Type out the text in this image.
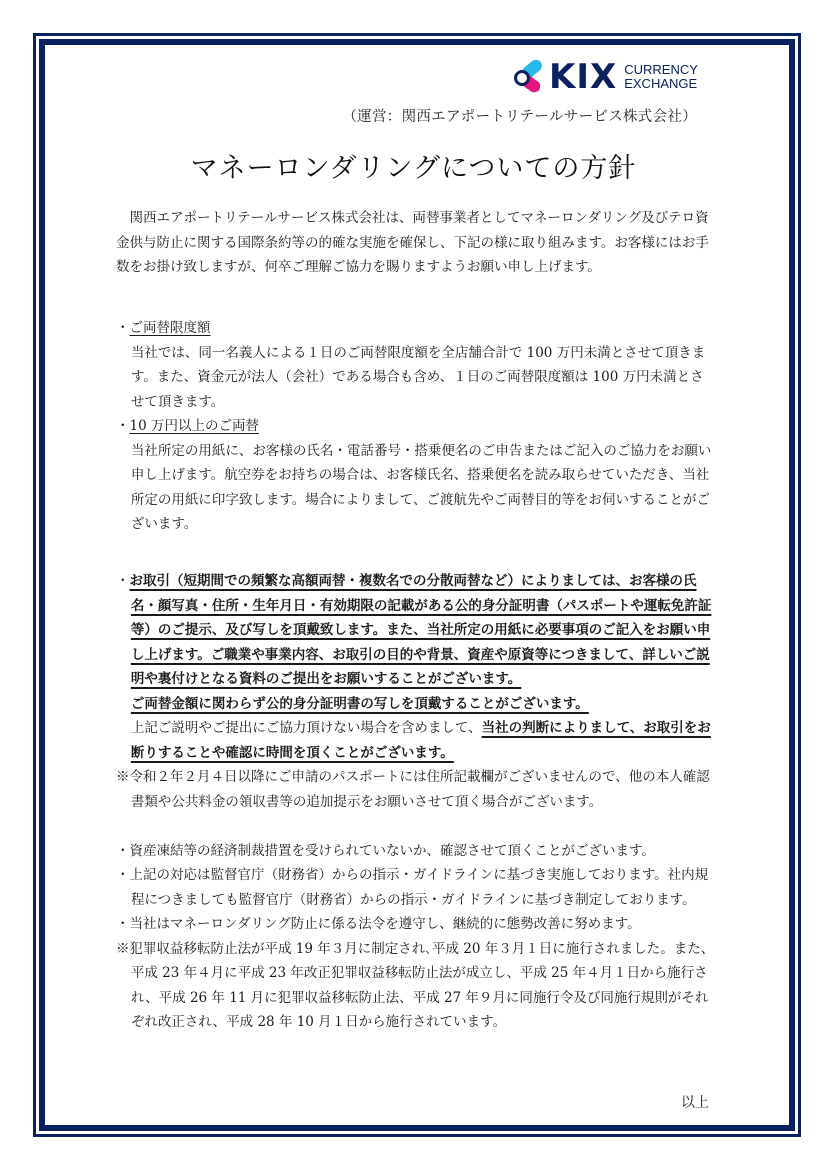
KIX CURRENCY
EXCHANGE
（運営：関西エアポートリテールサービス株式会社）
マネーロンダリングについての方針

関西エアポートリテールサービス株式会社は、両替事業者としてマネーロンダリング及びテロ資金供与防止に関する国際条約等の的確な実施を確保し、下記の様に取り組みます。お客様にはお手数をお掛け致しますが、何卒ご理解ご協力を賜りますようお願い申し上げます。

・ご両替限度額

当社では、同一名義人による１日のご両替限度額を全店舗合計で 100 万円未満とさせて頂きます。また、資金元が法人（会社）である場合も含め、１日のご両替限度額は 100 万円未満とさせて頂きます。

・10 万円以上のご両替

当社所定の用紙に、お客様の氏名・電話番号・搭乗便名のご申告またはご記入のご協力をお願い申し上げます。航空券をお持ちの場合は、お客様氏名、搭乗便名を読み取らせていただき、当社所定の用紙に印字致します。場合によりまして、ご渡航先やご両替目的等をお伺いすることがございます。

・お取引（短期間での頻繁な高額両替・複数名での分散両替など）によりましては、お客様の氏名・顔写真・住所・生年月日・有効期限の記載がある公的身分証明書（パスポートや運転免許証等）のご提示、及び写しを頂戴致します。また、当社所定の用紙に必要事項のご記入をお願い申し上げます。ご職業や事業内容、お取引の目的や背景、資産や原資等につきまして、詳しいご説明や裏付けとなる資料のご提出をお願いすることがございます。

ご両替金額に関わらず公的身分証明書の写しを頂戴することがございます。

上記ご説明やご提出にご協力頂けない場合を含めまして、当社の判断によりまして、お取引をお断りすることや確認に時間を頂くことがございます。

※令和２年２月４日以降にご申請のパスポートには住所記載欄がございませんので、他の本人確認書類や公共料金の領収書等の追加提示をお願いさせて頂く場合がございます。

・資産凍結等の経済制裁措置を受けられていないか、確認させて頂くことがございます。

・上記の対応は監督官庁（財務省）からの指示・ガイドラインに基づき実施しております。社内規程につきましても監督官庁（財務省）からの指示・ガイドラインに基づき制定しております。

・当社はマネーロンダリング防止に係る法令を遵守し、継続的に態勢改善に努めます。

※犯罪収益移転防止法が平成 19 年３月に制定され､平成 20 年３月１日に施行されました。また、平成 23 年４月に平成 23 年改正犯罪収益移転防止法が成立し、平成 25 年４月１日から施行され、平成 26 年 11 月に犯罪収益移転防止法、平成 27 年９月に同施行令及び同施行規則がそれぞれ改正され、平成 28 年 10 月１日から施行されています。

以上
